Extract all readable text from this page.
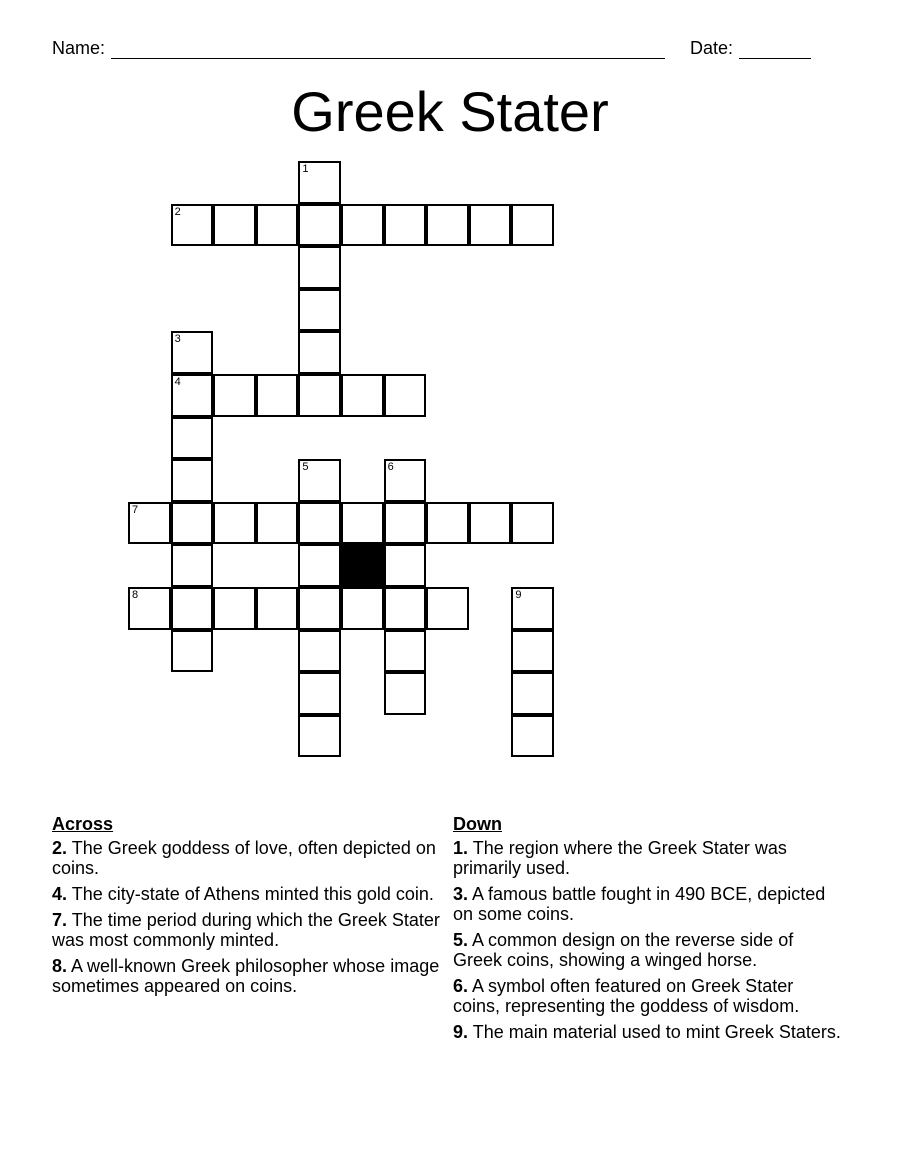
Name:	Date:
Greek Stater
1
2
3
4
5	6
7
8	9
Across
2. The Greek goddess of love, often depicted on coins.
4. The city-state of Athens minted this gold coin.
7. The time period during which the Greek Stater was most commonly minted.
8. A well-known Greek philosopher whose image sometimes appeared on coins.
Down
1. The region where the Greek Stater was primarily used.
3. A famous battle fought in 490 BCE, depicted on some coins.
5. A common design on the reverse side of Greek coins, showing a winged horse.
6. A symbol often featured on Greek Stater coins, representing the goddess of wisdom.
9. The main material used to mint Greek Staters.
